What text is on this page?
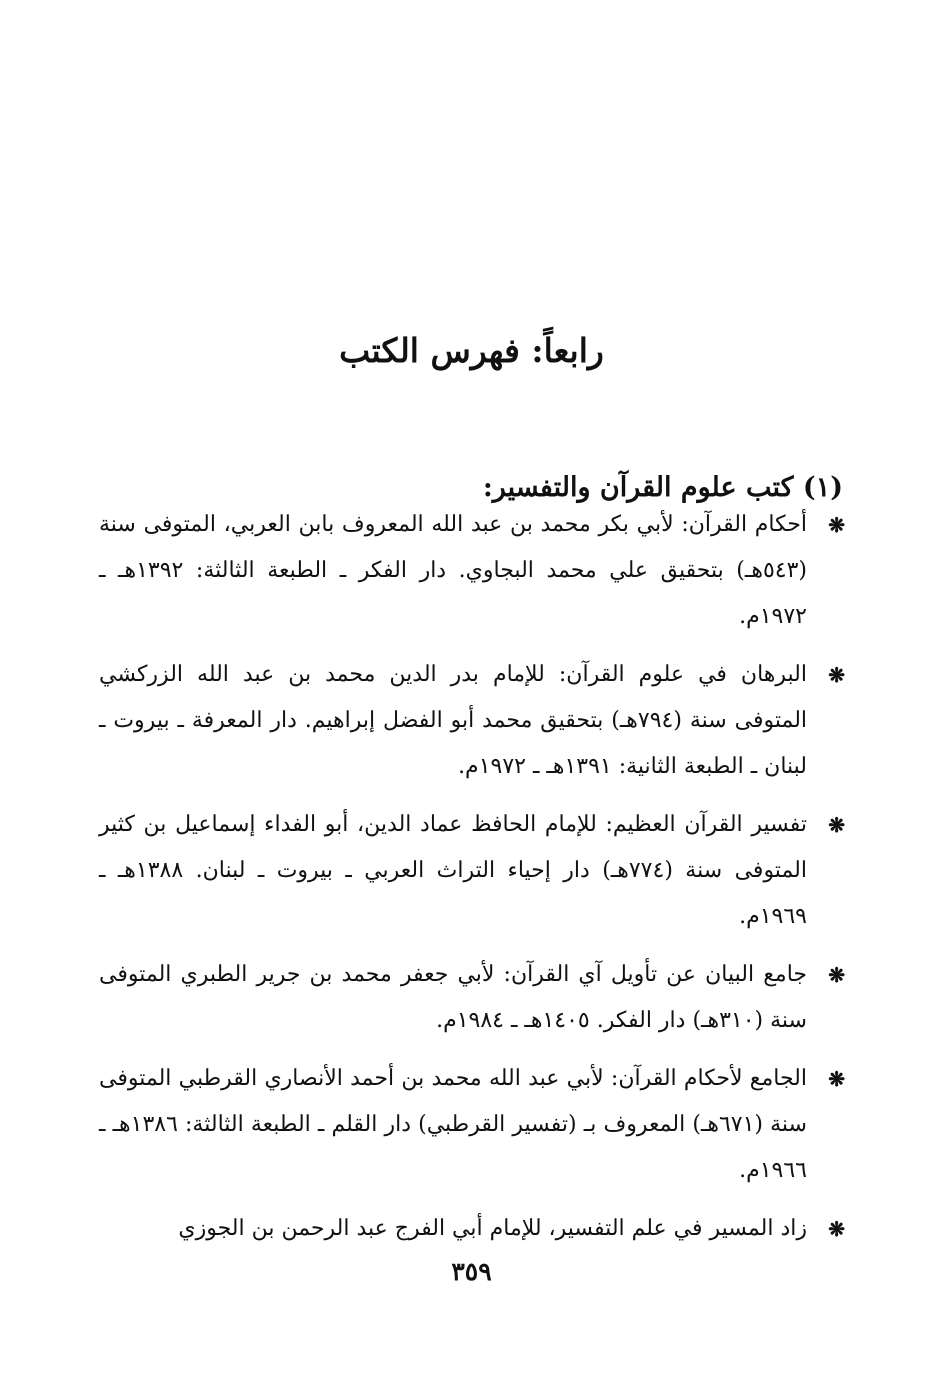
رابعاً: فهرس الكتب
(١) كتب علوم القرآن والتفسير:
❋
أحكام القرآن: لأبي بكر محمد بن عبد الله المعروف بابن العربي، المتوفى سنة (٥٤٣هـ) بتحقيق علي محمد البجاوي. دار الفكر ـ الطبعة الثالثة: ١٣٩٢هـ ـ ١٩٧٢م.
❋
البرهان في علوم القرآن: للإمام بدر الدين محمد بن عبد الله الزركشي المتوفى سنة (٧٩٤هـ) بتحقيق محمد أبو الفضل إبراهيم. دار المعرفة ـ بيروت ـ لبنان ـ الطبعة الثانية: ١٣٩١هـ ـ ١٩٧٢م.
❋
تفسير القرآن العظيم: للإمام الحافظ عماد الدين، أبو الفداء إسماعيل بن كثير المتوفى سنة (٧٧٤هـ) دار إحياء التراث العربي ـ بيروت ـ لبنان. ١٣٨٨هـ ـ ١٩٦٩م.
❋
جامع البيان عن تأويل آي القرآن: لأبي جعفر محمد بن جرير الطبري المتوفى سنة (٣١٠هـ) دار الفكر. ١٤٠٥هـ ـ ١٩٨٤م.
❋
الجامع لأحكام القرآن: لأبي عبد الله محمد بن أحمد الأنصاري القرطبي المتوفى سنة (٦٧١هـ) المعروف بـ (تفسير القرطبي) دار القلم ـ الطبعة الثالثة: ١٣٨٦هـ ـ ١٩٦٦م.
❋
زاد المسير في علم التفسير، للإمام أبي الفرج عبد الرحمن بن الجوزي
٣٥٩
